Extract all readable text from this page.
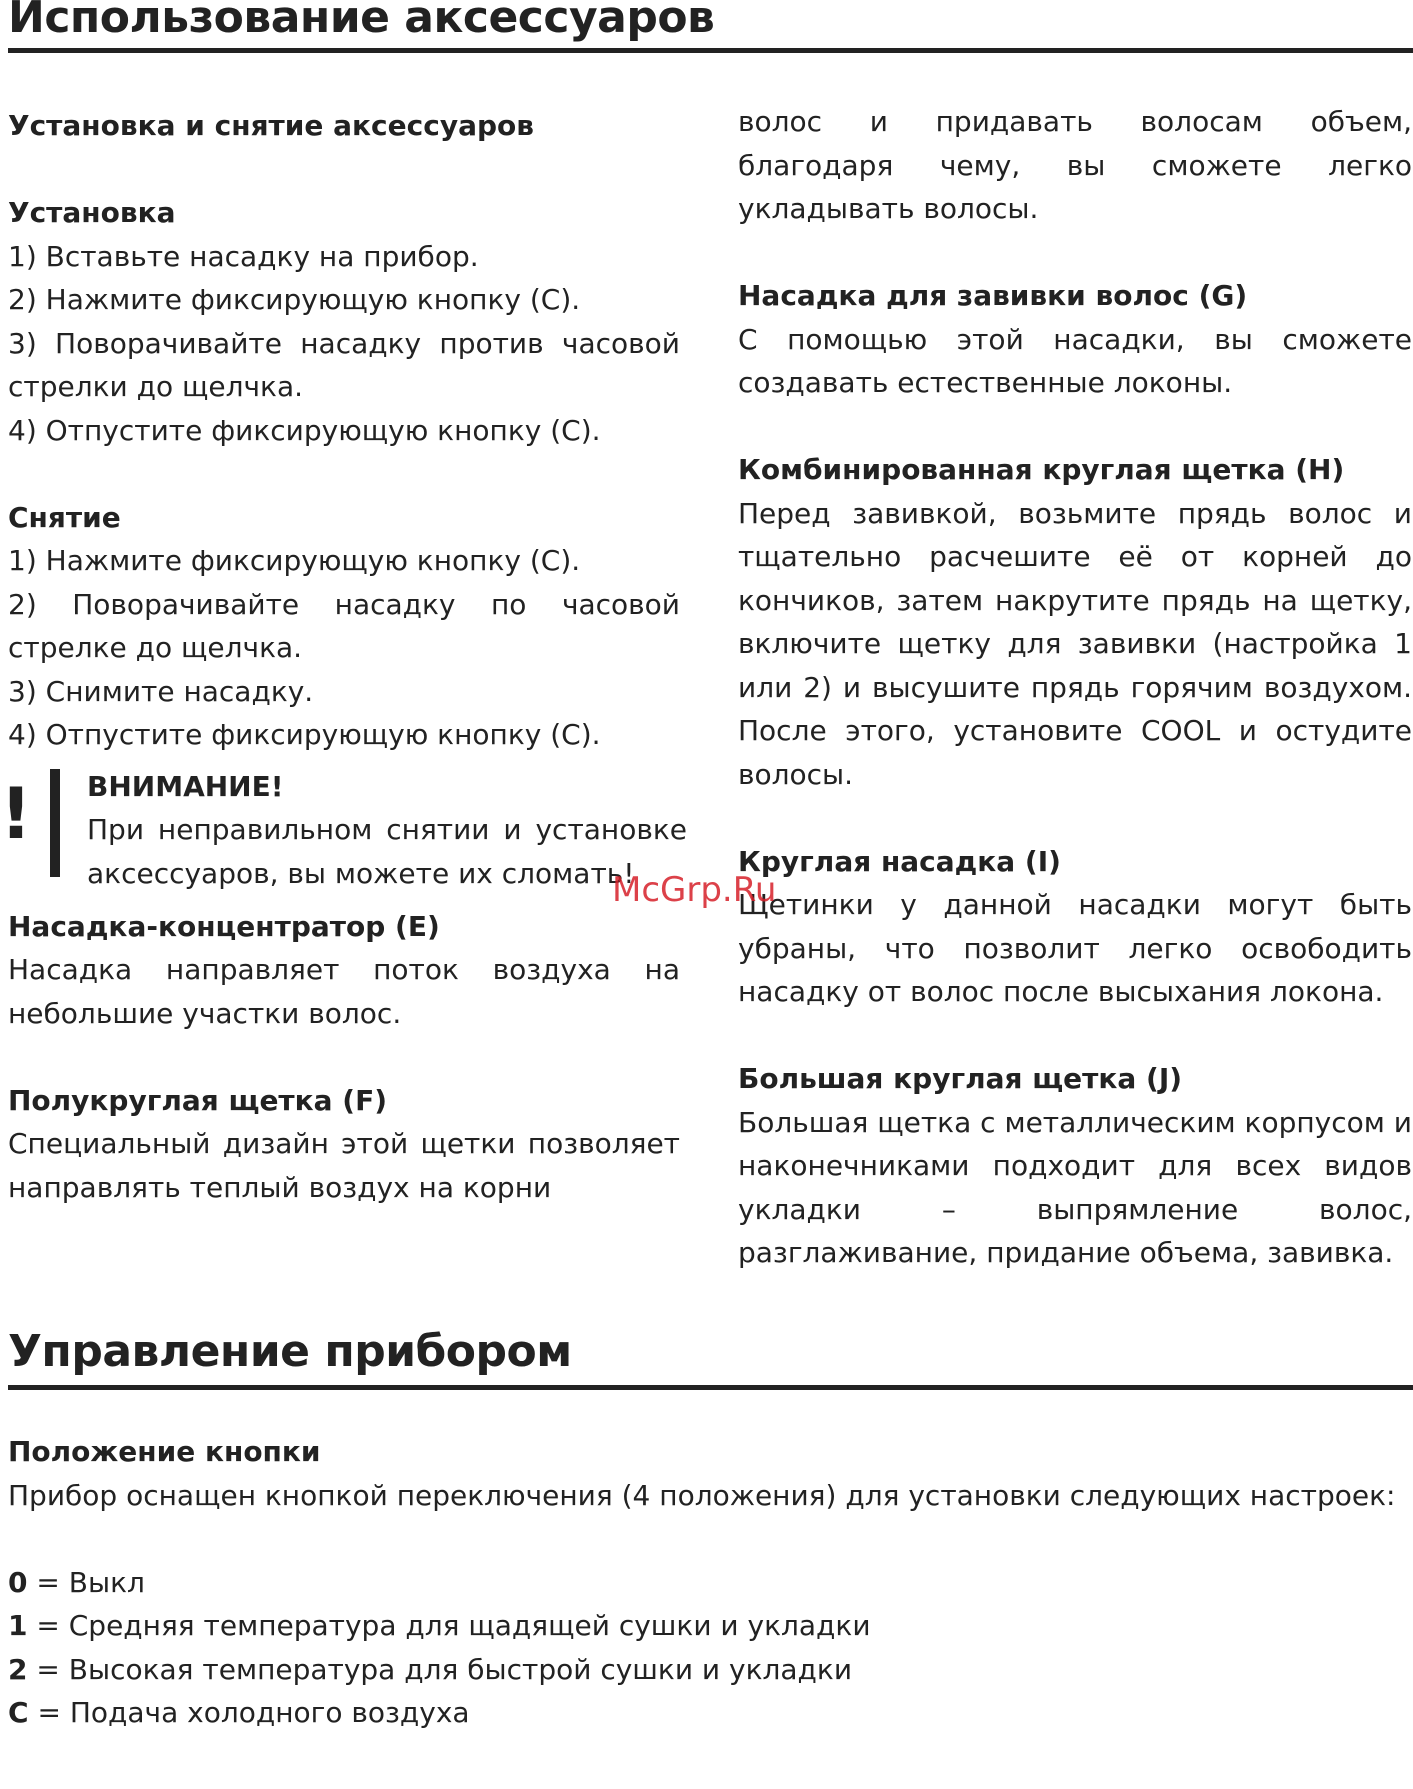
Использование аксессуаров

Установка и снятие аксессуаров

Установка

1) Вставьте насадку на прибор.

2) Нажмите фиксирующую кнопку (C).

3) Поворачивайте насадку против часовой стрелки до щелчка.

4) Отпустите фиксирующую кнопку (C).

Снятие

1) Нажмите фиксирующую кнопку (C).

2) Поворачивайте насадку по часовой стрелке до щелчка.

3) Снимите насадку.

4) Отпустите фиксирующую кнопку (C).

! ВНИМАНИЕ!

При неправильном снятии и установке аксессуаров, вы можете их сломать!

Насадка-концентратор (E)

Насадка направляет поток воздуха на небольшие участки волос.

Полукруглая щетка (F)

Специальный дизайн этой щетки позволяет направлять теплый воздух на корни

волос и придавать волосам объем, благодаря чему, вы сможете легко укладывать волосы.

Насадка для завивки волос (G)

С помощью этой насадки, вы сможете создавать естественные локоны.

Комбинированная круглая щетка (H)

Перед завивкой, возьмите прядь волос и тщательно расчешите её от корней до кончиков, затем накрутите прядь на щетку, включите щетку для завивки (настройка 1 или 2) и высушите прядь горячим воздухом. После этого, установите COOL и остудите волосы.

Круглая насадка (I)

Щетинки у данной насадки могут быть убраны, что позволит легко освободить насадку от волос после высыхания локона.

Большая круглая щетка (J)

Большая щетка с металлическим корпусом и наконечниками подходит для всех видов укладки – выпрямление волос, разглаживание, придание объема, завивка.

McGrp.Ru
Управление прибором

Положение кнопки

Прибор оснащен кнопкой переключения (4 положения) для установки следующих настроек:

0 = Выкл

1 = Средняя температура для щадящей сушки и укладки

2 = Высокая температура для быстрой сушки и укладки

C = Подача холодного воздуха
